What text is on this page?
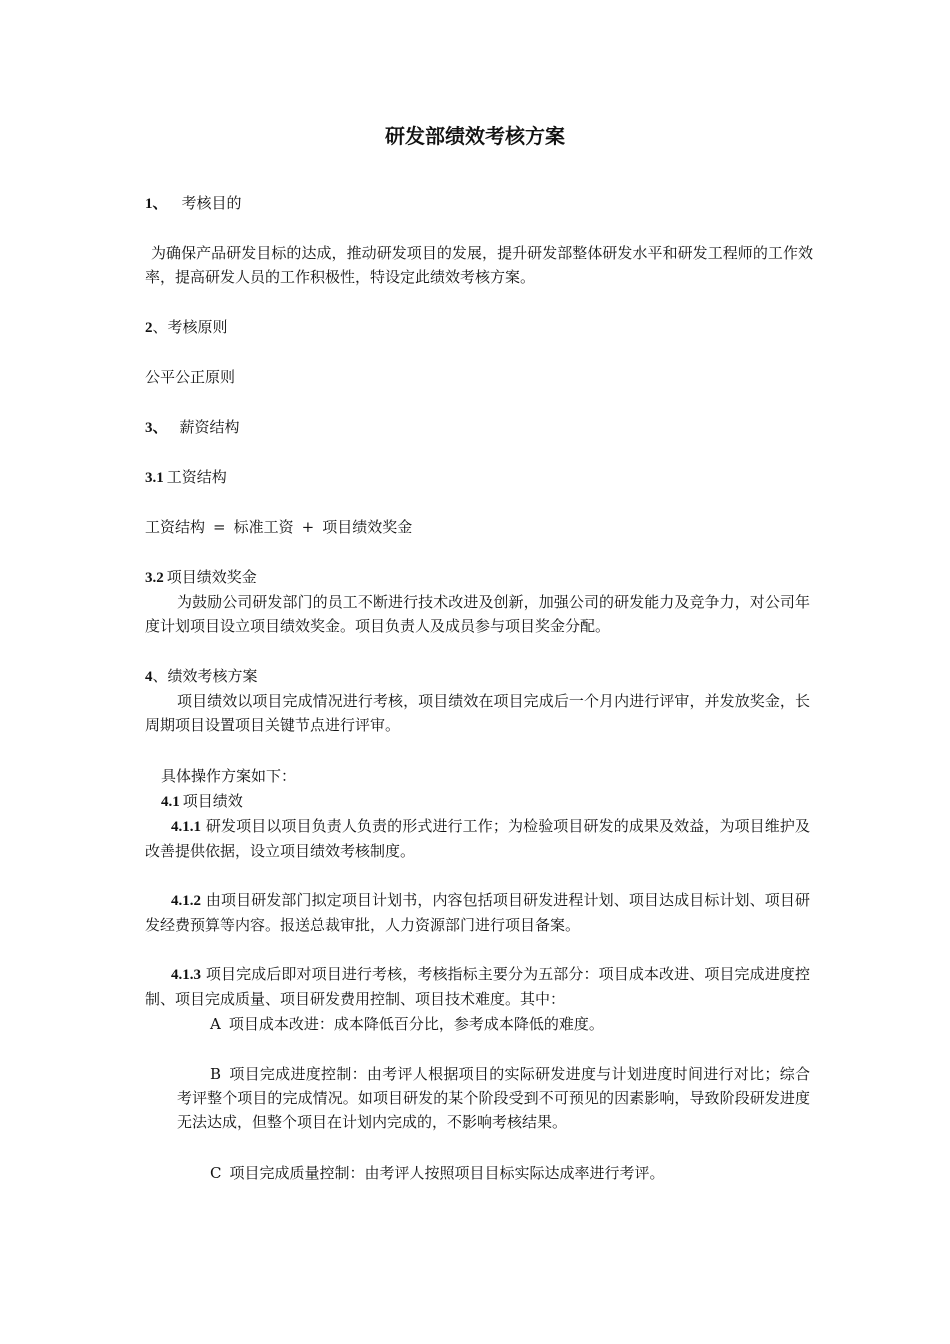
研发部绩效考核方案

1、 考核目的

为确保产品研发目标的达成，推动研发项目的发展，提升研发部整体研发水平和研发工程师的工作效率，提高研发人员的工作积极性，特设定此绩效考核方案。

2、考核原则

公平公正原则

3、 薪资结构

3.1 工资结构

工资结构 = 标准工资 + 项目绩效奖金

3.2 项目绩效奖金

为鼓励公司研发部门的员工不断进行技术改进及创新，加强公司的研发能力及竞争力，对公司年度计划项目设立项目绩效奖金。项目负责人及成员参与项目奖金分配。

4、绩效考核方案

项目绩效以项目完成情况进行考核，项目绩效在项目完成后一个月内进行评审，并发放奖金，长周期项目设置项目关键节点进行评审。

具体操作方案如下：

4.1 项目绩效

4.1.1 研发项目以项目负责人负责的形式进行工作；为检验项目研发的成果及效益，为项目维护及改善提供依据，设立项目绩效考核制度。

4.1.2 由项目研发部门拟定项目计划书，内容包括项目研发进程计划、项目达成目标计划、项目研发经费预算等内容。报送总裁审批，人力资源部门进行项目备案。

4.1.3 项目完成后即对项目进行考核，考核指标主要分为五部分：项目成本改进、项目完成进度控制、项目完成质量、项目研发费用控制、项目技术难度。其中：

A 项目成本改进：成本降低百分比，参考成本降低的难度。

B 项目完成进度控制：由考评人根据项目的实际研发进度与计划进度时间进行对比；综合考评整个项目的完成情况。如项目研发的某个阶段受到不可预见的因素影响，导致阶段研发进度无法达成，但整个项目在计划内完成的，不影响考核结果。

C 项目完成质量控制：由考评人按照项目目标实际达成率进行考评。
